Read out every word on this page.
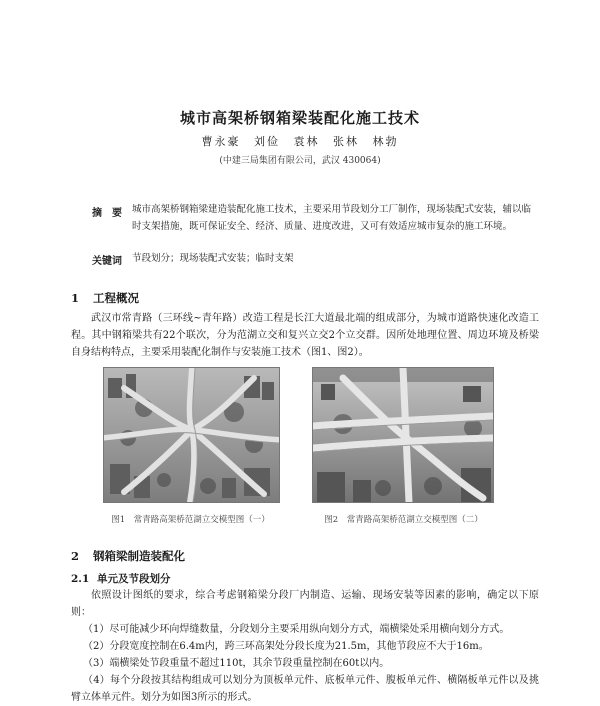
城市高架桥钢箱梁装配化施工技术
曹永豪 刘俭 袁林 张林 林勃
(中建三局集团有限公司，武汉 430064)
摘　要 城市高架桥钢箱梁建造装配化施工技术，主要采用节段划分工厂制作，现场装配式安装，辅以临时支架措施，既可保证安全、经济、质量、进度改进，又可有效适应城市复杂的施工环境。
关键词 节段划分；现场装配式安装；临时支架
1 工程概况

武汉市常青路（三环线~青年路）改造工程是长江大道最北端的组成部分，为城市道路快速化改造工程。其中钢箱梁共有22个联次，分为范湖立交和复兴立交2个立交群。因所处地理位置、周边环境及桥梁自身结构特点，主要采用装配化制作与安装施工技术（图1、图2）。

图1　常青路高架桥范湖立交模型图（一）	图2　常青路高架桥范湖立交模型图（二）
2 钢箱梁制造装配化
2.1 单元及节段划分

依照设计图纸的要求，综合考虑钢箱梁分段厂内制造、运输、现场安装等因素的影响，确定以下原则：

（1）尽可能减少环向焊缝数量，分段划分主要采用纵向划分方式，端横梁处采用横向划分方式。

（2）分段宽度控制在6.4m内，跨三环高架处分段长度为21.5m，其他节段应不大于16m。

（3）端横梁处节段重量不超过110t，其余节段重量控制在60t以内。

（4）每个分段按其结构组成可以划分为顶板单元件、底板单元件、腹板单元件、横隔板单元件以及挑臂立体单元件。划分为如图3所示的形式。
